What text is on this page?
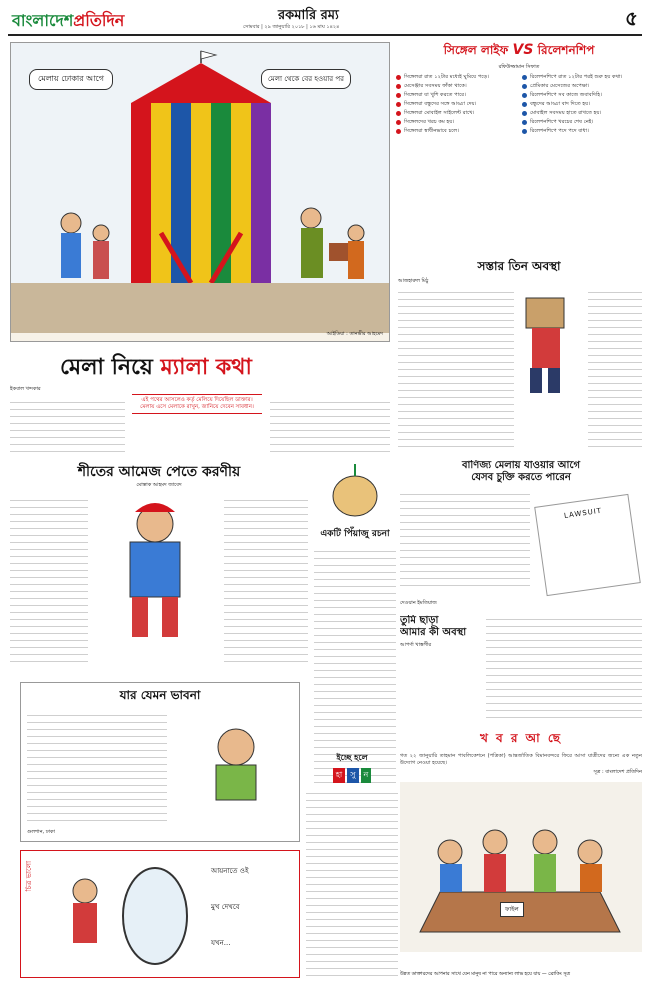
বাংলাদেশপ্রতিদিন	রকমারি রম্য
সোমবার | ২৯ জানুয়ারি ২০১৮ | ১৬ মাঘ ১৪২৪	৫
মেলায় ঢোকার আগে	মেলা থেকে বের হওয়ার পর
আইডিয়া : তানভীর আহমেদ
সিঙ্গেল লাইফ VS রিলেশনশিপ
রফিউজ্জামান সিফাত
সিঙ্গেলরা রাত ১২টার মধ্যেই ঘুমিয়ে পড়ে।
মেসেঞ্জার সবসময় ফাঁকা থাকে।
সিঙ্গেলরা যা খুশি করতে পারে।
সিঙ্গেলরা বন্ধুদের সঙ্গে আড্ডা দেয়।
সিঙ্গেলরা মোবাইল সাইলেন্ট রাখে।
সিঙ্গেলদের খরচ কম হয়।
সিঙ্গেলরা স্বাধীনভাবে চলে।
রিলেশনশিপে রাত ১২টার পরই শুরু হয় কথা।
প্রেমিকার মেসেজের অপেক্ষা।
রিলেশনশিপে সব কাজে জবাবদিহি।
বন্ধুদের আড্ডা বাদ দিতে হয়।
মোবাইল সবসময় হাতে রাখতে হয়।
রিলেশনশিপে খরচের শেষ নেই।
রিলেশনশিপে পদে পদে বাধা।
সস্তার তিন অবস্থা
আজহারুল মিঠু
মেলা নিয়ে ম্যালা কথা
ইকবাল খন্দকার
এই পথের আসলেও কর্তৃ মেলিয়ে দিয়েছিল ডাক্তার। মেলায় এসে মেলাকে রাখুন, জানিয়ে দেবেন সাবধান।
শীতের আমেজ পেতে করণীয়
মোস্তাক আহমদ জাবেদ
একটি পিঁয়াজু রচনা
বাণিজ্য মেলায় যাওয়ার আগে
যেসব চুক্তি করতে পারেন
LAWSUIT
দেওয়ান ইমতিয়াজ
তুমি ছাড়া
আমার কী অবস্থা
আপর্ণা খাস্তগীর
যার যেমন ভাবনা
গুলশান, ঢাকা
চিত্র ভালো	আয়নাতে ওই
মুখ দেখবে
যখন...
ইচ্ছে হলে
হা	সু	ন
খ ব র আ ছে
গত ২২ জানুয়ারি তাহমান পাবলিকেশনে (পত্রিকা) আন্তর্জাতিক বিমানবন্দরে ফিরে আসা যাত্রীদের জন্যে এক নতুন উদ্যোগ নেওয়া হয়েছে।
সূত্র : বাংলাদেশ প্রতিদিন
ফাইল
উন্নত ডাক্তারদের আপনার সাথে যেন মানুষ না পারে অন্যান্য লাভ হয়ে যায় — ব্রোকিং সূত্র
